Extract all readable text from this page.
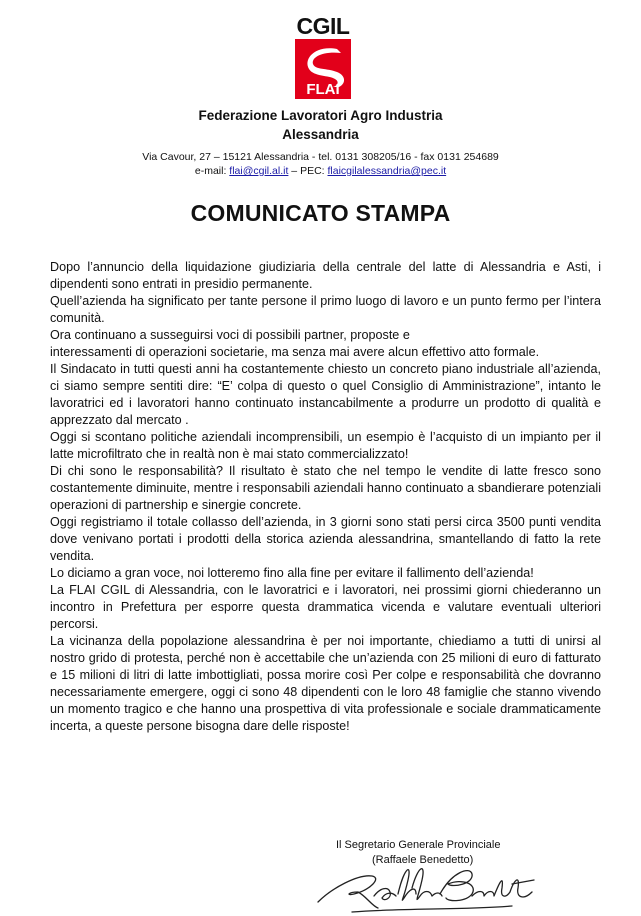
CGIL
FLAI
Federazione Lavoratori Agro Industria
Alessandria
Via Cavour, 27 – 15121 Alessandria - tel. 0131 308205/16 - fax 0131 254689
e-mail: flai@cgil.al.it – PEC: flaicgilalessandria@pec.it
COMUNICATO STAMPA

Dopo l’annuncio della liquidazione giudiziaria della centrale del latte di Alessandria e Asti, i dipendenti sono entrati in presidio permanente.

Quell’azienda ha significato per tante persone il primo luogo di lavoro e un punto fermo per l’intera comunità.

Ora continuano a susseguirsi voci di possibili partner, proposte e

interessamenti di operazioni societarie, ma senza mai avere alcun effettivo atto formale.

Il Sindacato in tutti questi anni ha costantemente chiesto un concreto piano industriale all’azienda, ci siamo sempre sentiti dire: “E’ colpa di questo o quel Consiglio di Amministrazione”, intanto le lavoratrici ed i lavoratori hanno continuato instancabilmente a produrre un prodotto di qualità e apprezzato dal mercato .

Oggi si scontano politiche aziendali incomprensibili, un esempio è l’acquisto di un impianto per il latte microfiltrato che in realtà non è mai stato commercializzato!

Di chi sono le responsabilità? Il risultato è stato che nel tempo le vendite di latte fresco sono costantemente diminuite, mentre i responsabili aziendali hanno continuato a sbandierare potenziali operazioni di partnership e sinergie concrete.

Oggi registriamo il totale collasso dell’azienda, in 3 giorni sono stati persi circa 3500 punti vendita dove venivano portati i prodotti della storica azienda alessandrina, smantellando di fatto la rete vendita.

Lo diciamo a gran voce, noi lotteremo fino alla fine per evitare il fallimento dell’azienda!

La FLAI CGIL di Alessandria, con le lavoratrici e i lavoratori, nei prossimi giorni chiederanno un incontro in Prefettura per esporre questa drammatica vicenda e valutare eventuali ulteriori percorsi.

La vicinanza della popolazione alessandrina è per noi importante, chiediamo a tutti di unirsi al nostro grido di protesta, perché non è accettabile che un’azienda con 25 milioni di euro di fatturato e 15 milioni di litri di latte imbottigliati, possa morire così Per colpe e responsabilità che dovranno necessariamente emergere, oggi ci sono 48 dipendenti con le loro 48 famiglie che stanno vivendo un momento tragico e che hanno una prospettiva di vita professionale e sociale drammaticamente incerta, a queste persone bisogna dare delle risposte!

Il Segretario Generale Provinciale
(Raffaele Benedetto)
